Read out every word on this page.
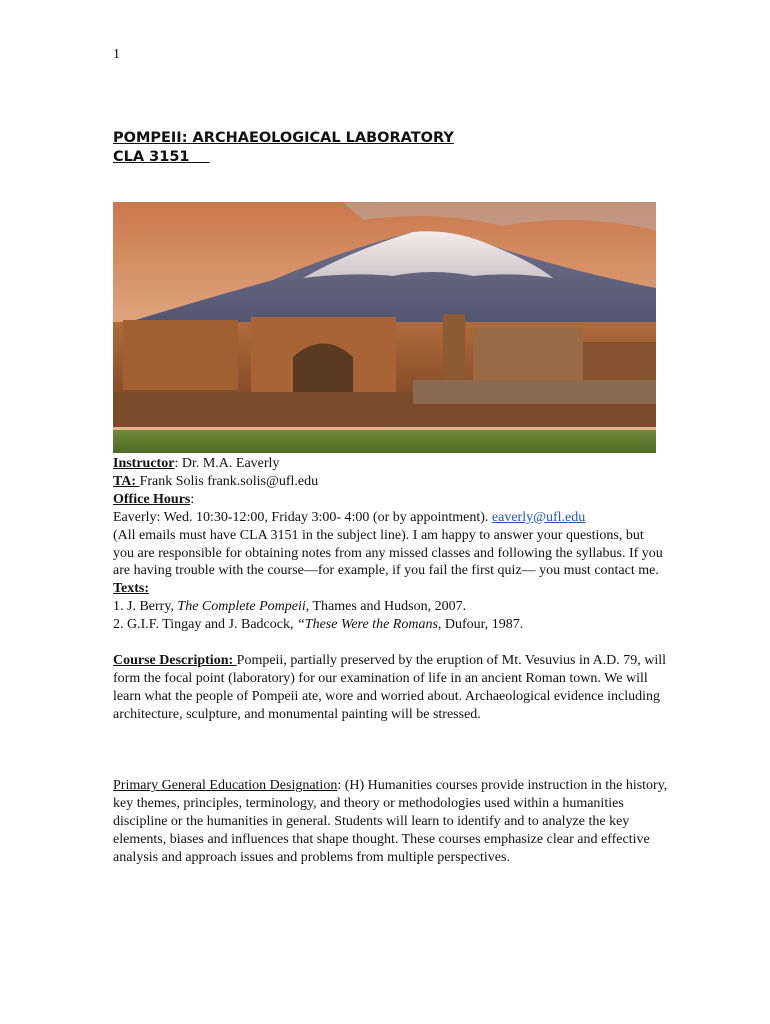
1
POMPEII: ARCHAEOLOGICAL LABORATORY
CLA 3151

Instructor: Dr. M.A. Eaverly

TA: Frank Solis frank.solis@ufl.edu

Office Hours:

Eaverly: Wed. 10:30-12:00, Friday 3:00- 4:00 (or by appointment). eaverly@ufl.edu

(All emails must have CLA 3151 in the subject line). I am happy to answer your questions, but you are responsible for obtaining notes from any missed classes and following the syllabus. If you are having trouble with the course—for example, if you fail the first quiz— you must contact me.

Texts:

1. J. Berry, The Complete Pompeii, Thames and Hudson, 2007.

2. G.I.F. Tingay and J. Badcock, “These Were the Romans, Dufour, 1987.

Course Description: Pompeii, partially preserved by the eruption of Mt. Vesuvius in A.D. 79, will form the focal point (laboratory) for our examination of life in an ancient Roman town. We will learn what the people of Pompeii ate, wore and worried about. Archaeological evidence including architecture, sculpture, and monumental painting will be stressed.

Primary General Education Designation: (H) Humanities courses provide instruction in the history, key themes, principles, terminology, and theory or methodologies used within a humanities discipline or the humanities in general. Students will learn to identify and to analyze the key elements, biases and influences that shape thought. These courses emphasize clear and effective analysis and approach issues and problems from multiple perspectives.
